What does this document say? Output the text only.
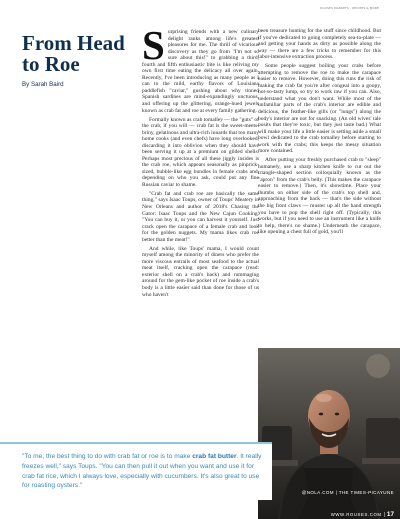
ROUSES MARKETS · RECIPES & MORE
From Head to Roe
By Sarah Baird

Surprising friends with a new culinary delight ranks among life's greatest pleasures for me. The thrill of vicarious discovery as they go from "I'm not so sure about this!" to grabbing a third, fourth and fifth enthusiastic bite is like reliving my own first time eating the delicacy all over again. Recently, I've been introducing as many people as I can to the mild, earthy flavors of Louisiana paddlefish "caviar," gushing about why tinned Spanish sardines are mind-expandingly unctuous, and offering up the glittering, orange-hued jewels known as crab fat and roe at every family gathering.

Formally known as crab tomalley — the "guts" of the crab, if you will — crab fat is the sweet-meets-briny, gelatinous and ultra-rich innards that too many home cooks (and even chefs) have long overlooked, discarding it into oblivion when they should have been serving it up at a premium on gilded shells. Perhaps most precious of all these jiggly insides is the crab roe, which appears seasonally as pinprick-sized, bubble-like egg bundles in female crabs and, depending on who you ask, could put any fine Russian caviar to shame.

"Crab fat and crab roe are basically the same thing," says Isaac Toups, owner of Toups' Meatery in New Orleans and author of 2018's Chasing the Gator: Isaac Toups and the New Cajun Cooking. "You can buy it, or you can harvest it yourself. Just crack open the carapace of a female crab and look for the golden nuggets. My mama likes crab roe better than the meat!"

And while, like Toups' mama, I would count myself among the minority of diners who prefer the more viscous entrails of most seafood to the actual meat itself, cracking open the carapace (read: exterior shell on a crab's back) and rummaging around for the gem-like pocket of roe inside a crab's body is a little easier said than done for those of us who haven't

been treasure hunting for the stuff since childhood. But if you've dedicated to going completely sea-to-plate — and getting your hands as dirty as possible along the way — there are a few tricks to remember for this labor-intensive extraction process.

Some people suggest boiling your crabs before attempting to remove the roe to make the carapace easier to remove. However, doing this runs the risk of making the crab fat you're after congeal into a goopy, not-so-tasty lump, so try to work raw if you can. Also, understand what you don't want. While most of the unfamiliar parts of the crab's interior are edible and delicious, the feather-like gills (or "lungs") along the body's interior are not for snacking. (An old wives' tale posits that they're toxic, but they just taste bad.) What will make your life a little easier is setting aside a small bowl dedicated to the crab tomalley before starting to work with the crabs; this keeps the messy situation more contained.

After putting your freshly purchased crab to "sleep" humanely, use a sharp kitchen knife to cut out the triangle-shaped section colloquially known as the "apron" from the crab's belly. (This makes the carapace easier to remove.) Then, it's showtime. Place your thumbs on either side of the crab's top shell and, approaching from the back — that's the side without the big front claws — muster up all the hand strength you have to pop the shell right off. (Typically, this works, but if you need to use an instrument like a knife to help, there's no shame.) Underneath the carapace, like opening a chest full of gold, you'll

"To me, the best thing to do with crab fat or roe is to make crab fat butter. It really freezes well," says Toups. "You can then pull it out when you want and use it for crab fat rice, which I always love, especially with cucumbers. It's also great to use for roasting oysters."

@NOLA.COM | THE TIMES-PICAYUNE
WWW.ROUSES.COM | 17
